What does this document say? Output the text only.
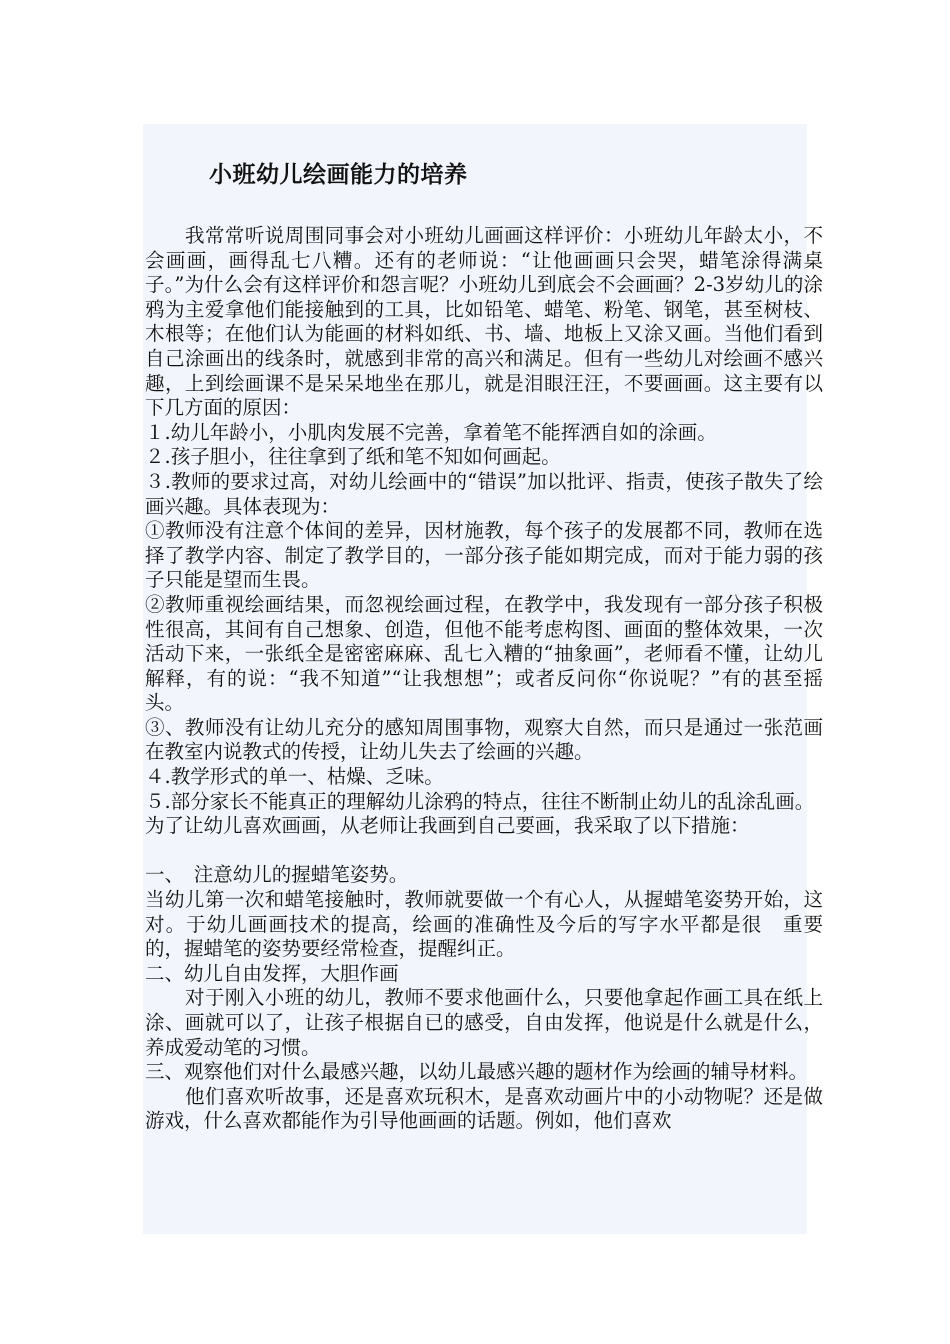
小班幼儿绘画能力的培养

我常常听说周围同事会对小班幼儿画画这样评价：小班幼儿年龄太小，不会画画，画得乱七八糟。还有的老师说：“让他画画只会哭，蜡笔涂得满桌子。”为什么会有这样评价和怨言呢？小班幼儿到底会不会画画？2-3岁幼儿的涂鸦为主爱拿他们能接触到的工具，比如铅笔、蜡笔、粉笔、钢笔，甚至树枝、木根等；在他们认为能画的材料如纸、书、墙、地板上又涂又画。当他们看到自己涂画出的线条时，就感到非常的高兴和满足。但有一些幼儿对绘画不感兴趣，上到绘画课不是呆呆地坐在那儿，就是泪眼汪汪，不要画画。这主要有以下几方面的原因：

１.幼儿年龄小，小肌肉发展不完善，拿着笔不能挥洒自如的涂画。

２.孩子胆小，往往拿到了纸和笔不知如何画起。

３.教师的要求过高，对幼儿绘画中的“错误”加以批评、指责，使孩子散失了绘画兴趣。具体表现为：

①教师没有注意个体间的差异，因材施教，每个孩子的发展都不同，教师在选择了教学内容、制定了教学目的，一部分孩子能如期完成，而对于能力弱的孩子只能是望而生畏。

②教师重视绘画结果，而忽视绘画过程，在教学中，我发现有一部分孩子积极性很高，其间有自己想象、创造，但他不能考虑构图、画面的整体效果，一次活动下来，一张纸全是密密麻麻、乱七入糟的“抽象画”，老师看不懂，让幼儿解释，有的说：“我不知道”“让我想想”；或者反问你“你说呢？”有的甚至摇头。

③、教师没有让幼儿充分的感知周围事物，观察大自然，而只是通过一张范画在教室内说教式的传授，让幼儿失去了绘画的兴趣。

４.教学形式的单一、枯燥、乏味。

５.部分家长不能真正的理解幼儿涂鸦的特点，往往不断制止幼儿的乱涂乱画。

为了让幼儿喜欢画画，从老师让我画到自己要画，我采取了以下措施：

一、　注意幼儿的握蜡笔姿势。

当幼儿第一次和蜡笔接触时，教师就要做一个有心人，从握蜡笔姿势开始，这对。于幼儿画画技术的提高，绘画的准确性及今后的写字水平都是很　重要的，握蜡笔的姿势要经常检查，提醒纠正。

二、幼儿自由发挥，大胆作画

对于刚入小班的幼儿，教师不要求他画什么，只要他拿起作画工具在纸上涂、画就可以了，让孩子根据自已的感受，自由发挥，他说是什么就是什么，养成爱动笔的习惯。

三、观察他们对什么最感兴趣，以幼儿最感兴趣的题材作为绘画的辅导材料。

他们喜欢听故事，还是喜欢玩积木，是喜欢动画片中的小动物呢？还是做游戏，什么喜欢都能作为引导他画画的话题。例如，他们喜欢
